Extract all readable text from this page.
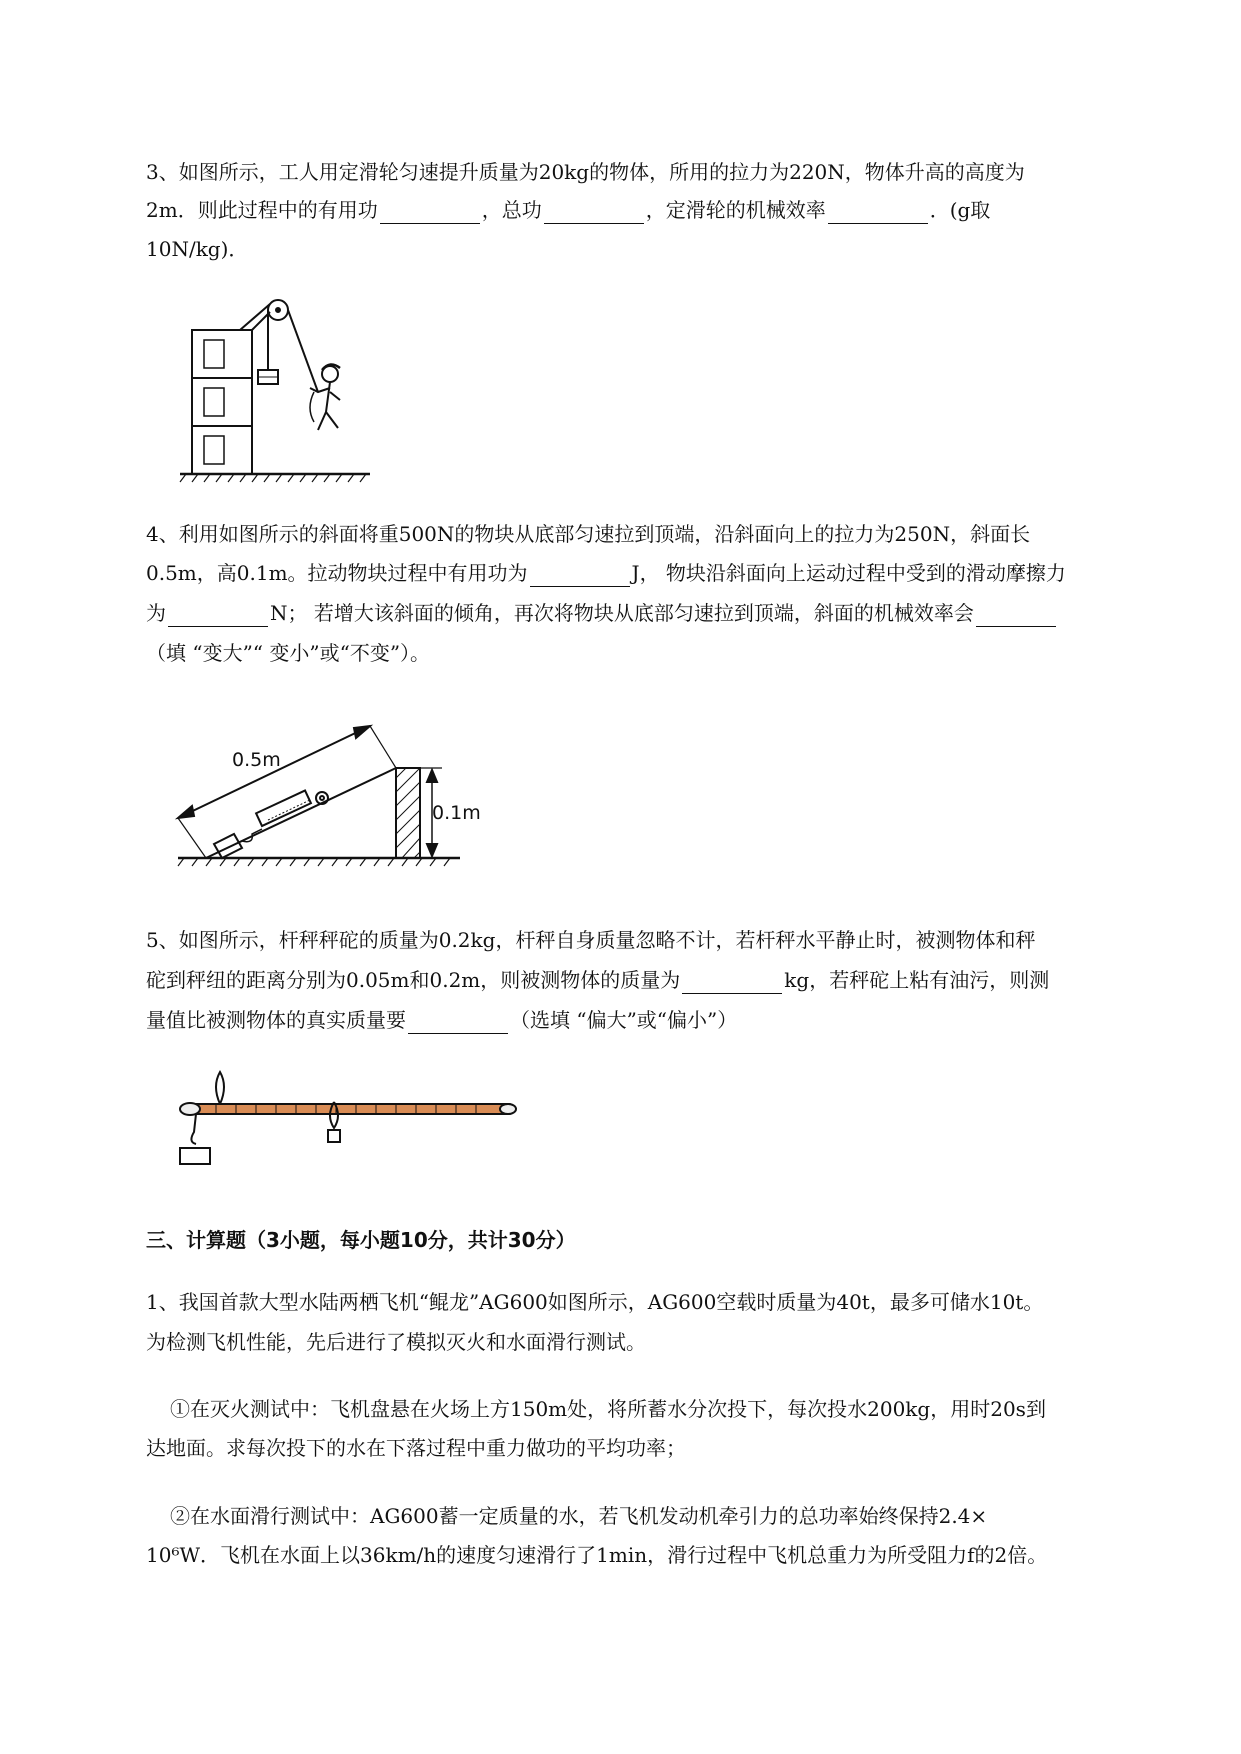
3、如图所示，工人用定滑轮匀速提升质量为20kg的物体，所用的拉力为220N，物体升高的高度为
2m．则此过程中的有用功	，总功	，定滑轮的机械效率	．(g取
10N/kg)．
4、利用如图所示的斜面将重500N的物块从底部匀速拉到顶端，沿斜面向上的拉力为250N，斜面长
0.5m，高0.1m。拉动物块过程中有用功为	J， 物块沿斜面向上运动过程中受到的滑动摩擦力
为	N； 若增大该斜面的倾角，再次将物块从底部匀速拉到顶端，斜面的机械效率会
（填 “变大”“ 变小”或“不变”）。
0.5m
0.1m
5、如图所示，杆秤秤砣的质量为0.2kg，杆秤自身质量忽略不计，若杆秤水平静止时，被测物体和秤
砣到秤纽的距离分别为0.05m和0.2m，则被测物体的质量为	kg，若秤砣上粘有油污，则测
量值比被测物体的真实质量要	（选填 “偏大”或“偏小”）
三、计算题（3小题，每小题10分，共计30分）
1、我国首款大型水陆两栖飞机“鲲龙”AG600如图所示，AG600空载时质量为40t，最多可储水10t。
为检测飞机性能，先后进行了模拟灭火和水面滑行测试。
①在灭火测试中：飞机盘悬在火场上方150m处，将所蓄水分次投下，每次投水200kg，用时20s到
达地面。求每次投下的水在下落过程中重力做功的平均功率；
②在水面滑行测试中：AG600蓄一定质量的水，若飞机发动机牵引力的总功率始终保持2.4×
10⁶W．飞机在水面上以36km/h的速度匀速滑行了1min，滑行过程中飞机总重力为所受阻力f的2倍。
